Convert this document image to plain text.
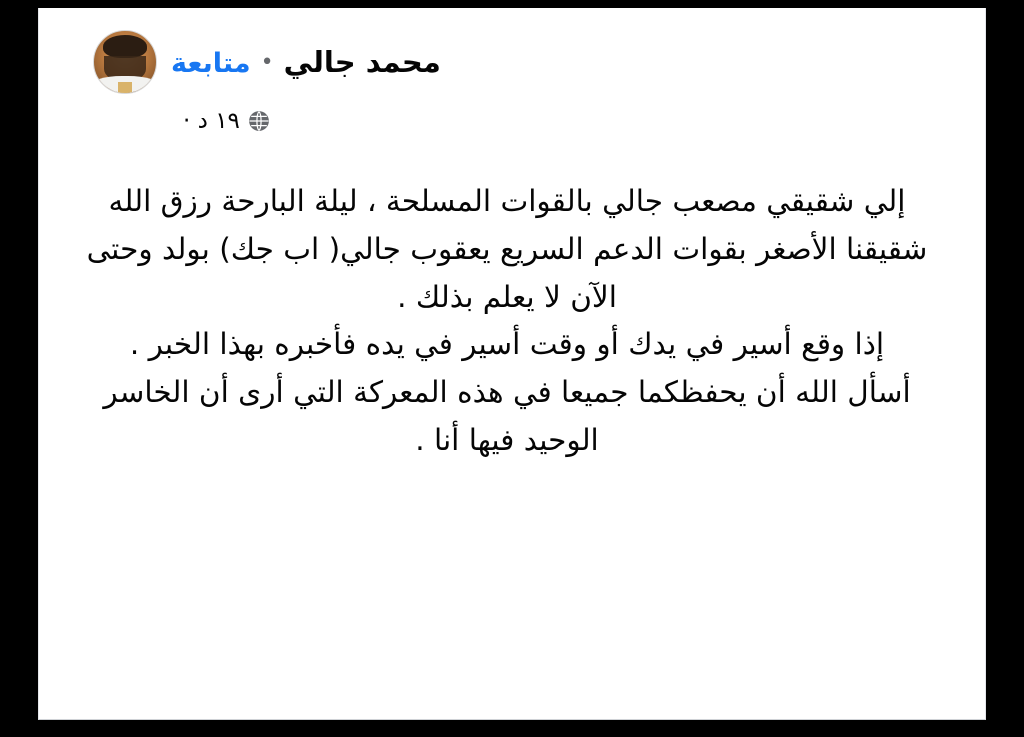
محمد جالي
•
متابعة
١٩ د ·

إلي شقيقي مصعب جالي بالقوات المسلحة ، ليلة البارحة رزق الله شقيقنا الأصغر بقوات الدعم السريع يعقوب جالي( اب جك) بولد وحتى الآن لا يعلم بذلك .

إذا وقع أسير في يدك أو وقت أسير في يده فأخبره بهذا الخبر .

أسأل الله أن يحفظكما جميعا في هذه المعركة التي أرى أن الخاسر الوحيد فيها أنا .
